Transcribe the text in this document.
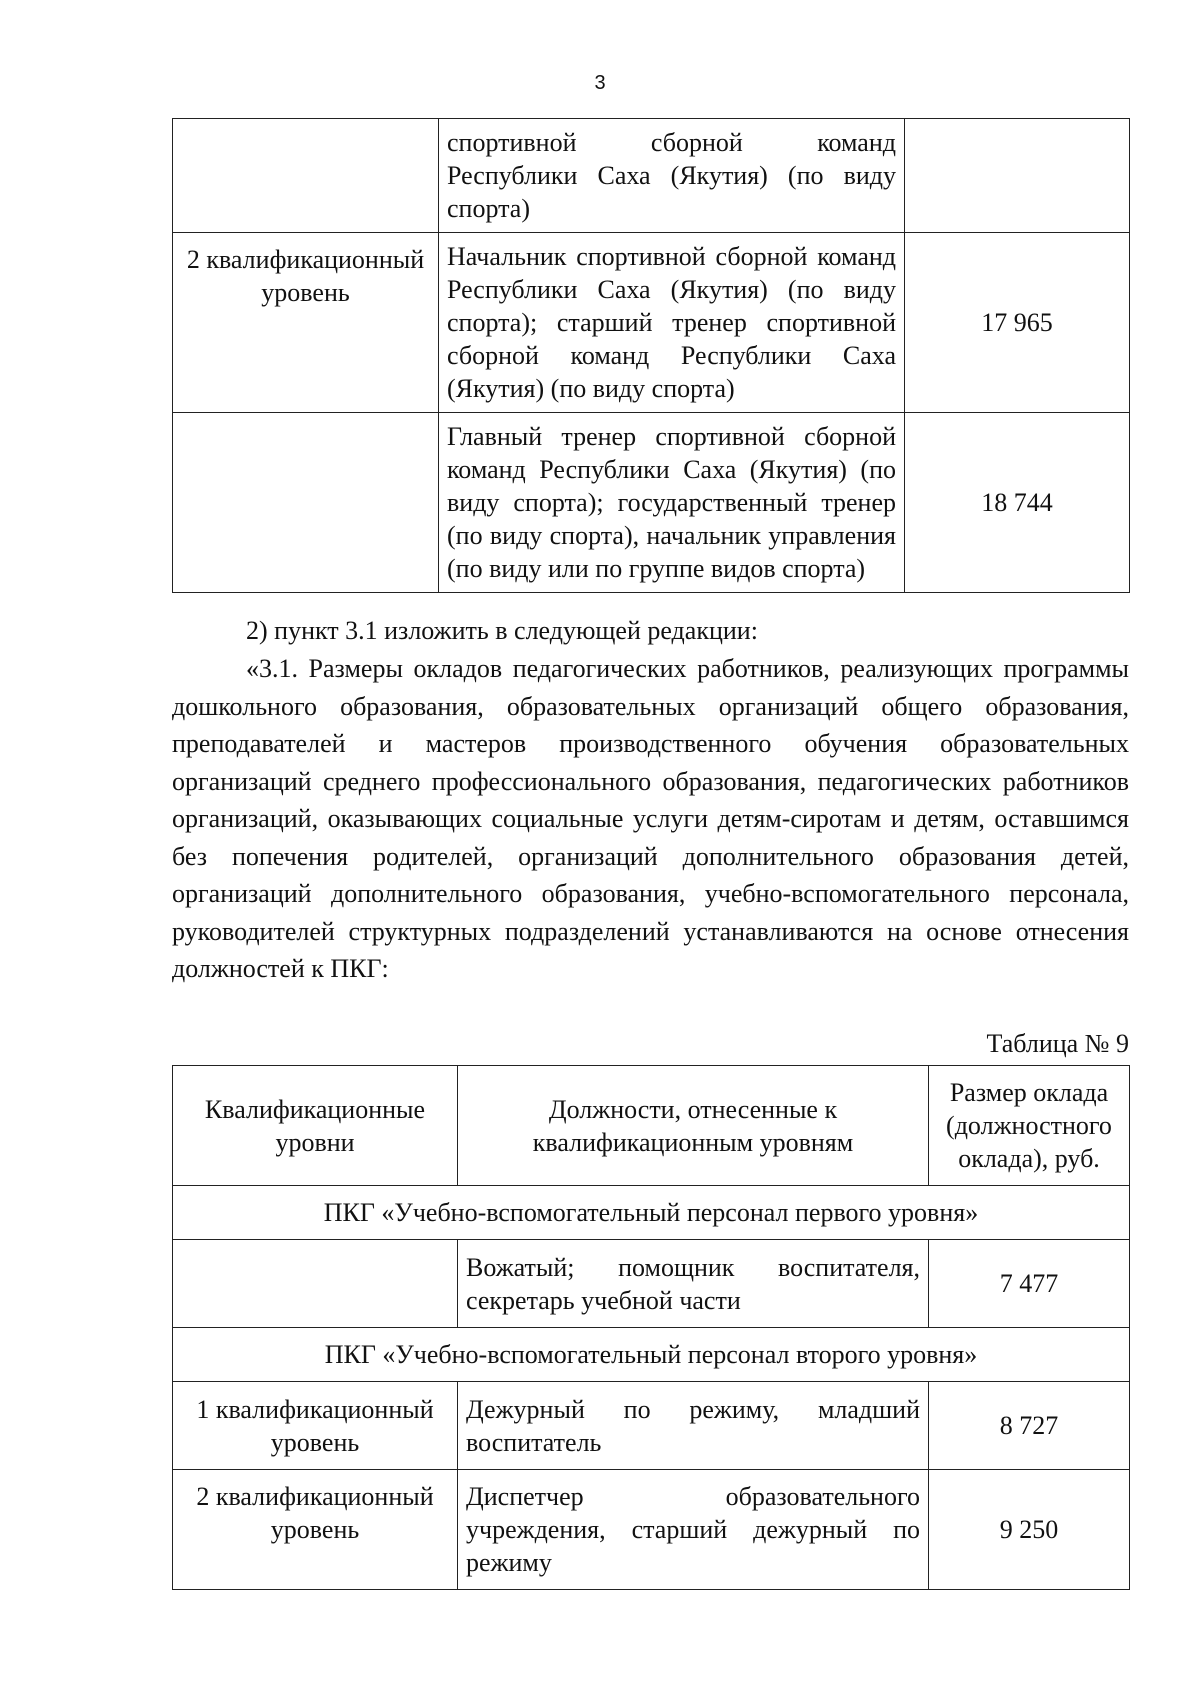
3
	спортивной сборной команд Республики Саха (Якутия) (по виду спорта)	
2 квалификационный уровень	Начальник спортивной сборной команд Республики Саха (Якутия) (по виду спорта); старший тренер спортивной сборной команд Республики Саха (Якутия) (по виду спорта)	17 965
	Главный тренер спортивной сборной команд Республики Саха (Якутия) (по виду спорта); государственный тренер (по виду спорта), начальник управления (по виду или по группе видов спорта)	18 744
2) пункт 3.1 изложить в следующей редакции:
«3.1. Размеры окладов педагогических работников, реализующих программы дошкольного образования, образовательных организаций общего образования, преподавателей и мастеров производственного обучения образовательных организаций среднего профессионального образования, педагогических работников организаций, оказывающих социальные услуги детям-сиротам и детям, оставшимся без попечения родителей, организаций дополнительного образования детей, организаций дополнительного образования, учебно-вспомогательного персонала, руководителей структурных подразделений устанавливаются на основе отнесения должностей к ПКГ:
Таблица № 9
Квалификационные уровни	Должности, отнесенные к квалификационным уровням	Размер оклада (должностного оклада), руб.
ПКГ «Учебно-вспомогательный персонал первого уровня»		
	Вожатый; помощник воспитателя, секретарь учебной части	7 477
ПКГ «Учебно-вспомогательный персонал второго уровня»		
1 квалификационный уровень	Дежурный по режиму, младший воспитатель	8 727
2 квалификационный уровень	Диспетчер образовательного учреждения, старший дежурный по режиму	9 250
